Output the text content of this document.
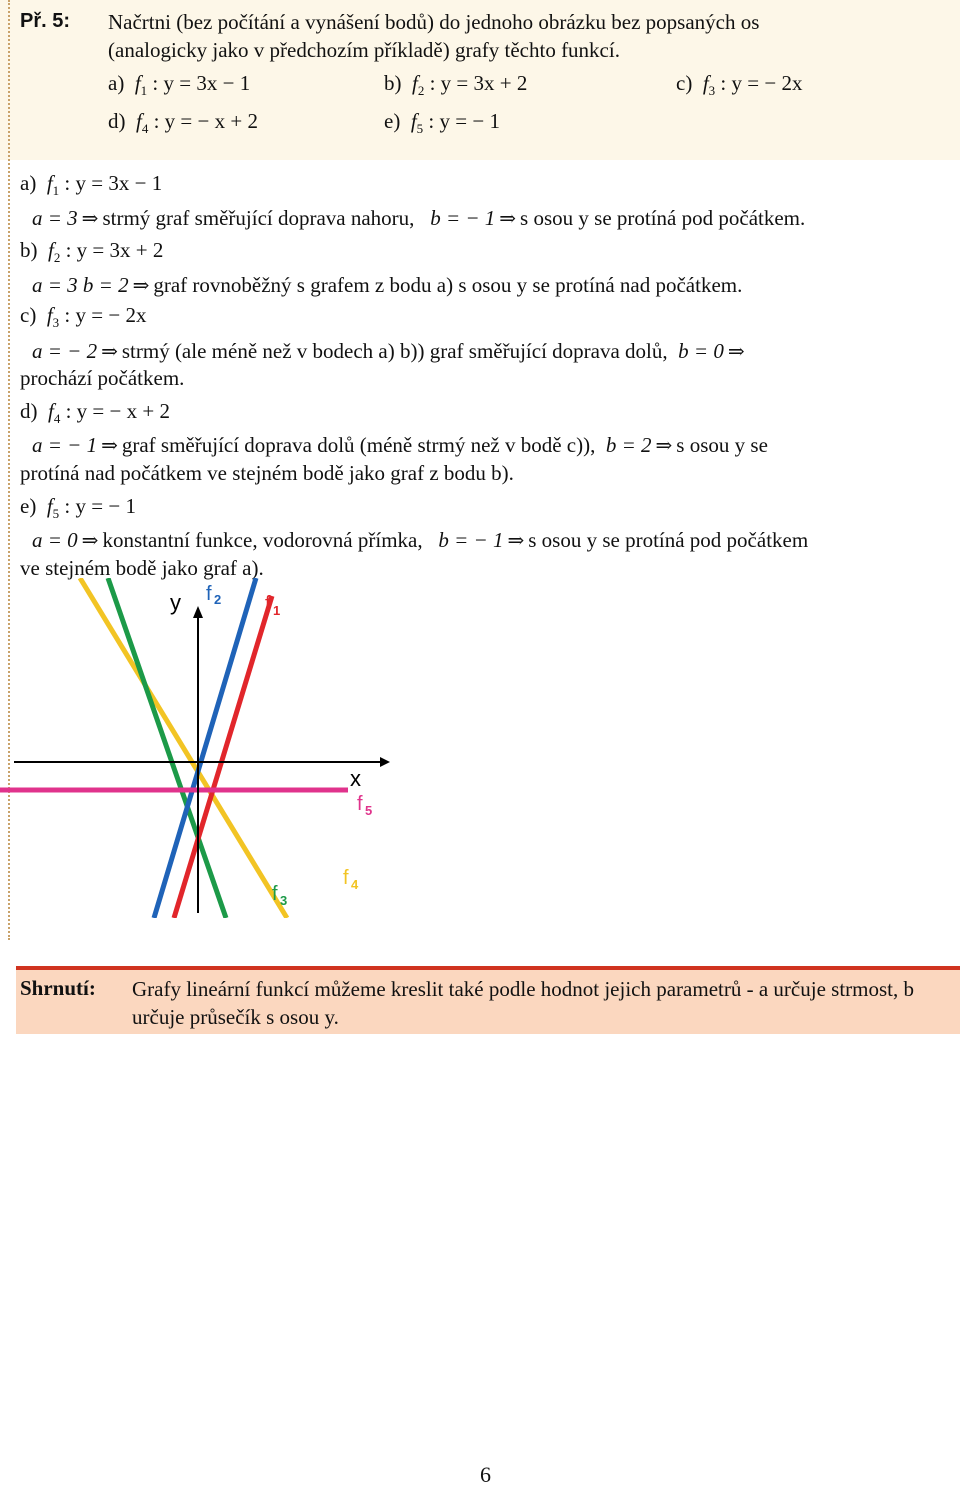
Př. 5: Načrtni (bez počítání a vynášení bodů) do jednoho obrázku bez popsaných os
(analogicky jako v předchozím příkladě) grafy těchto funkcí.
a) $f_1$ : y = 3x − 1	b) $f_2$ : y = 3x + 2	c) $f_3$ : y = − 2x
d) $f_4$ : y = − x + 2	e) $f_5$ : y = − 1
a) $f_1$ : y = 3x − 1
a = 3 ⇒ strmý graf směřující doprava nahoru, b = − 1 ⇒ s osou y se protíná pod počátkem.
b) $f_2$ : y = 3x + 2
a = 3 b = 2 ⇒ graf rovnoběžný s grafem z bodu a) s osou y se protíná nad počátkem.
c) $f_3$ : y = − 2x
a = − 2 ⇒ strmý (ale méně než v bodech a) b)) graf směřující doprava dolů, b = 0 ⇒
prochází počátkem.
d) $f_4$ : y = − x + 2
a = − 1 ⇒ graf směřující doprava dolů (méně strmý než v bodě c)), b = 2 ⇒ s osou y se
protíná nad počátkem ve stejném bodě jako graf z bodu b).
e) $f_5$ : y = − 1
a = 0 ⇒ konstantní funkce, vodorovná přímka, b = − 1 ⇒ s osou y se protíná pod počátkem
ve stejném bodě jako graf a).
y
x
f 2 f 1
f 5
f 4
f 3
Shrnutí: Grafy lineární funkcí můžeme kreslit také podle hodnot jejich parametrů - a určuje strmost, b určuje průsečík s osou y.
6
